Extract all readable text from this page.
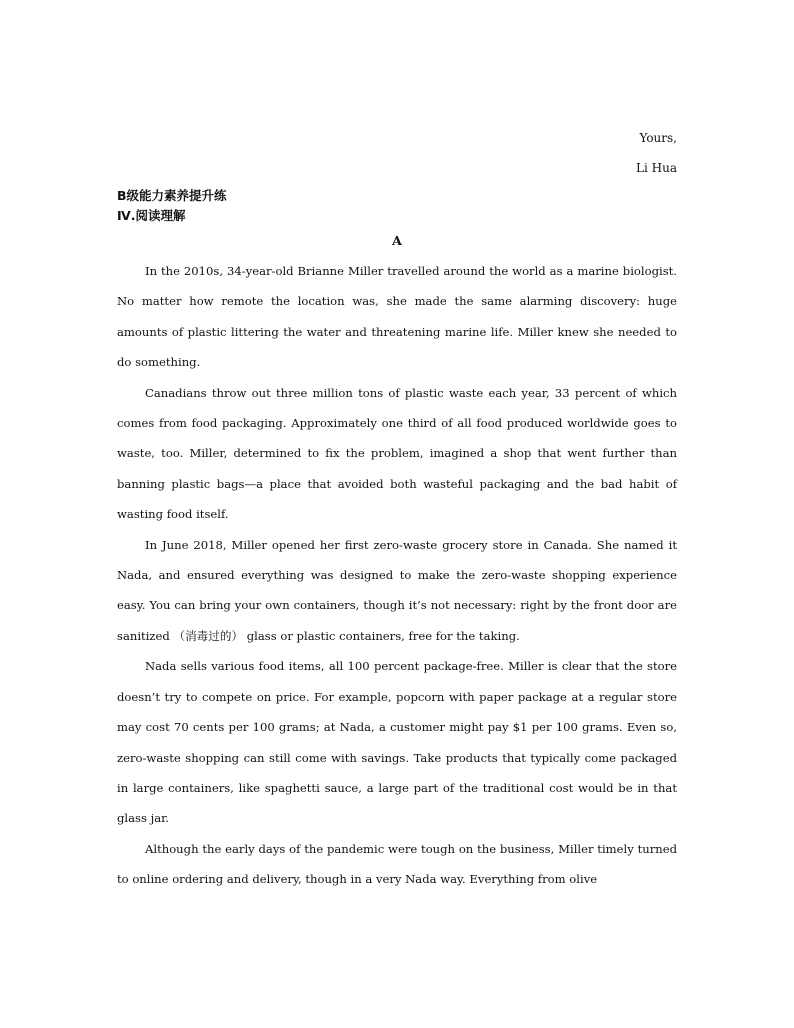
Yours,
Li Hua
B级能力素养提升练
Ⅳ.阅读理解
A

In the 2010s, 34-year-old Brianne Miller travelled around the world as a marine biologist. No matter how remote the location was, she made the same alarming discovery: huge amounts of plastic littering the water and threatening marine life. Miller knew she needed to do something.

Canadians throw out three million tons of plastic waste each year, 33 percent of which comes from food packaging. Approximately one third of all food produced worldwide goes to waste, too. Miller, determined to fix the problem, imagined a shop that went further than banning plastic bags—a place that avoided both wasteful packaging and the bad habit of wasting food itself.

In June 2018, Miller opened her first zero-waste grocery store in Canada. She named it Nada, and ensured everything was designed to make the zero-waste shopping experience easy. You can bring your own containers, though it’s not necessary: right by the front door are sanitized （消毒过的） glass or plastic containers, free for the taking.

Nada sells various food items, all 100 percent package-free. Miller is clear that the store doesn’t try to compete on price. For example, popcorn with paper package at a regular store may cost 70 cents per 100 grams; at Nada, a customer might pay $1 per 100 grams. Even so, zero-waste shopping can still come with savings. Take products that typically come packaged in large containers, like spaghetti sauce, a large part of the traditional cost would be in that glass jar.

Although the early days of the pandemic were tough on the business, Miller timely turned to online ordering and delivery, though in a very Nada way. Everything from olive
